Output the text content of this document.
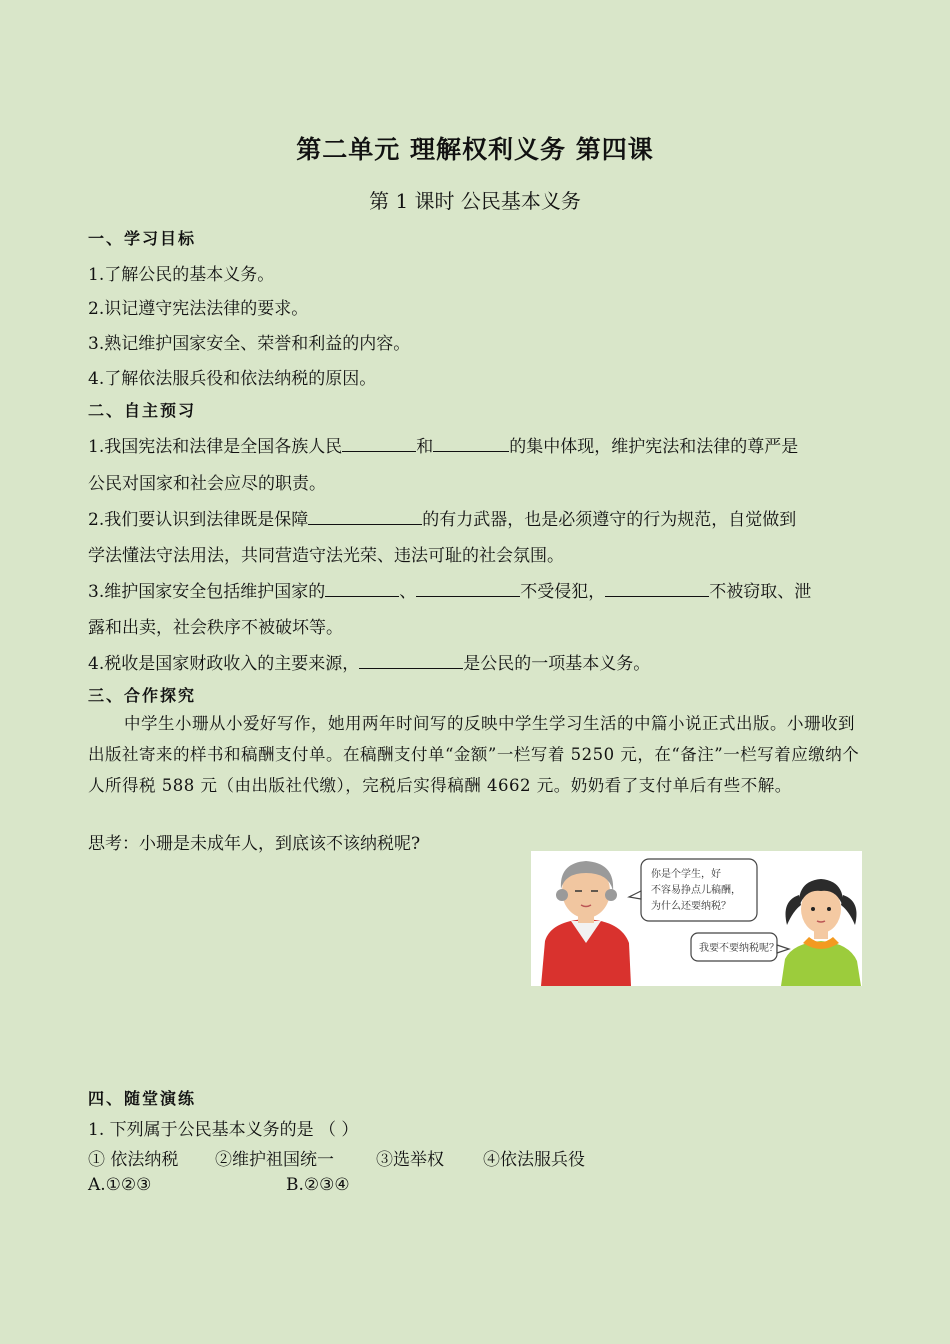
第二单元 理解权利义务 第四课
第 1 课时 公民基本义务
一、学习目标
1.了解公民的基本义务。
2.识记遵守宪法法律的要求。
3.熟记维护国家安全、荣誉和利益的内容。
4.了解依法服兵役和依法纳税的原因。
二、自主预习
1.我国宪法和法律是全国各族人民	和	的集中体现，维护宪法和法律的尊严是
公民对国家和社会应尽的职责。
2.我们要认识到法律既是保障	的有力武器，也是必须遵守的行为规范，自觉做到
学法懂法守法用法，共同营造守法光荣、违法可耻的社会氛围。
3.维护国家安全包括维护国家的	、	不受侵犯，	不被窃取、泄
露和出卖，社会秩序不被破坏等。
4.税收是国家财政收入的主要来源，	是公民的一项基本义务。
三、合作探究
中学生小珊从小爱好写作，她用两年时间写的反映中学生学习生活的中篇小说正式出版。小珊收到出版社寄来的样书和稿酬支付单。在稿酬支付单“金额”一栏写着 5250 元，在“备注”一栏写着应缴纳个人所得税 588 元（由出版社代缴），完税后实得稿酬 4662 元。奶奶看了支付单后有些不解。
思考：小珊是未成年人，到底该不该纳税呢?
你是个学生，好
不容易挣点儿稿酬，
为什么还要纳税？
我要不要纳税呢？
四、随堂演练
1. 下列属于公民基本义务的是 （ ）
① 依法纳税 ②维护祖国统一 ③选举权 ④依法服兵役
A.①②③	B.②③④
